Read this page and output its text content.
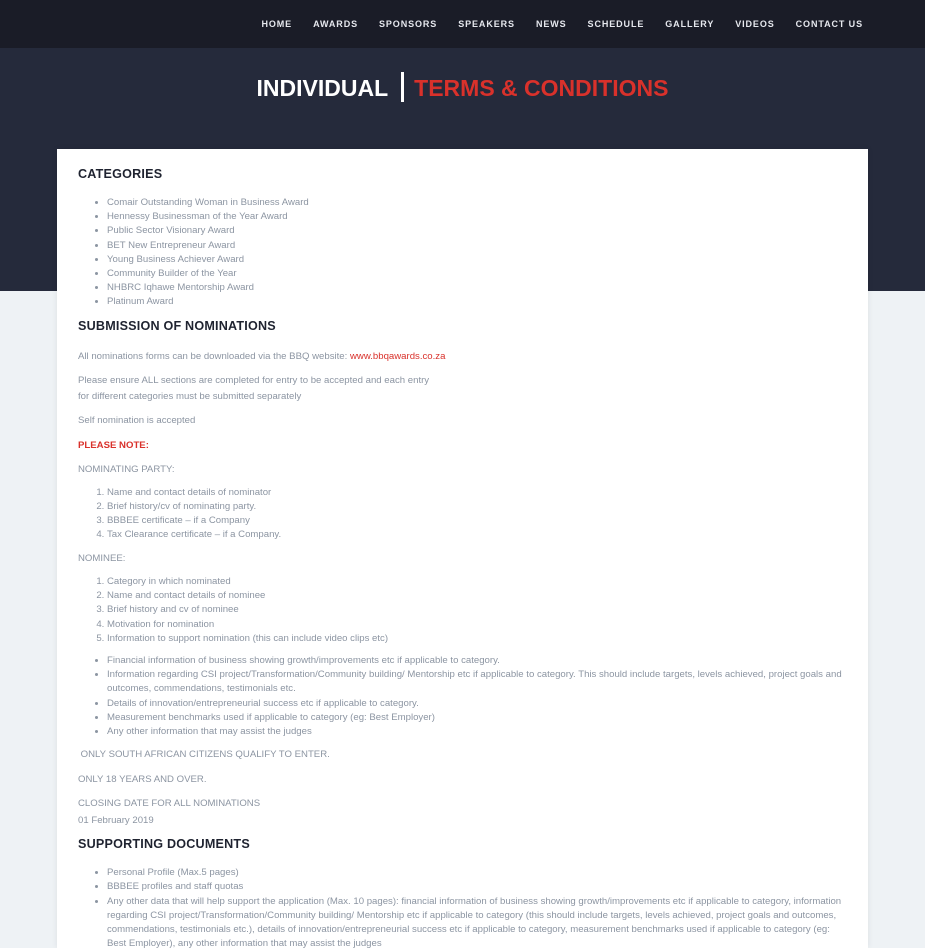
HOME AWARDS SPONSORS SPEAKERS NEWS SCHEDULE GALLERY VIDEOS CONTACT US
INDIVIDUAL TERMS & CONDITIONS
CATEGORIES
• Comair Outstanding Woman in Business Award
• Hennessy Businessman of the Year Award
• Public Sector Visionary Award
• BET New Entrepreneur Award
• Young Business Achiever Award
• Community Builder of the Year
• NHBRC Iqhawe Mentorship Award
• Platinum Award
SUBMISSION OF NOMINATIONS

All nominations forms can be downloaded via the BBQ website: www.bbqawards.co.za

Please ensure ALL sections are completed for entry to be accepted and each entry

for different categories must be submitted separately

Self nomination is accepted

PLEASE NOTE:

NOMINATING PARTY:

1. Name and contact details of nominator
2. Brief history/cv of nominating party.
3. BBBEE certificate – if a Company
4. Tax Clearance certificate – if a Company.

NOMINEE:

1. Category in which nominated
2. Name and contact details of nominee
3. Brief history and cv of nominee
4. Motivation for nomination
5. Information to support nomination (this can include video clips etc)
• Financial information of business showing growth/improvements etc if applicable to category.
• Information regarding CSI project/Transformation/Community building/ Mentorship etc if applicable to category. This should include targets, levels achieved, project goals and outcomes, commendations, testimonials etc.
• Details of innovation/entrepreneurial success etc if applicable to category.
• Measurement benchmarks used if applicable to category (eg: Best Employer)
• Any other information that may assist the judges

ONLY SOUTH AFRICAN CITIZENS QUALIFY TO ENTER.

ONLY 18 YEARS AND OVER.

CLOSING DATE FOR ALL NOMINATIONS

01 February 2019

SUPPORTING DOCUMENTS
• Personal Profile (Max.5 pages)
• BBBEE profiles and staff quotas
• Any other data that will help support the application (Max. 10 pages): financial information of business showing growth/improvements etc if applicable to category, information regarding CSI project/Transformation/Community building/ Mentorship etc if applicable to category (this should include targets, levels achieved, project goals and outcomes, commendations, testimonials etc.), details of innovation/entrepreneurial success etc if applicable to category, measurement benchmarks used if applicable to category (eg: Best Employer), any other information that may assist the judges
